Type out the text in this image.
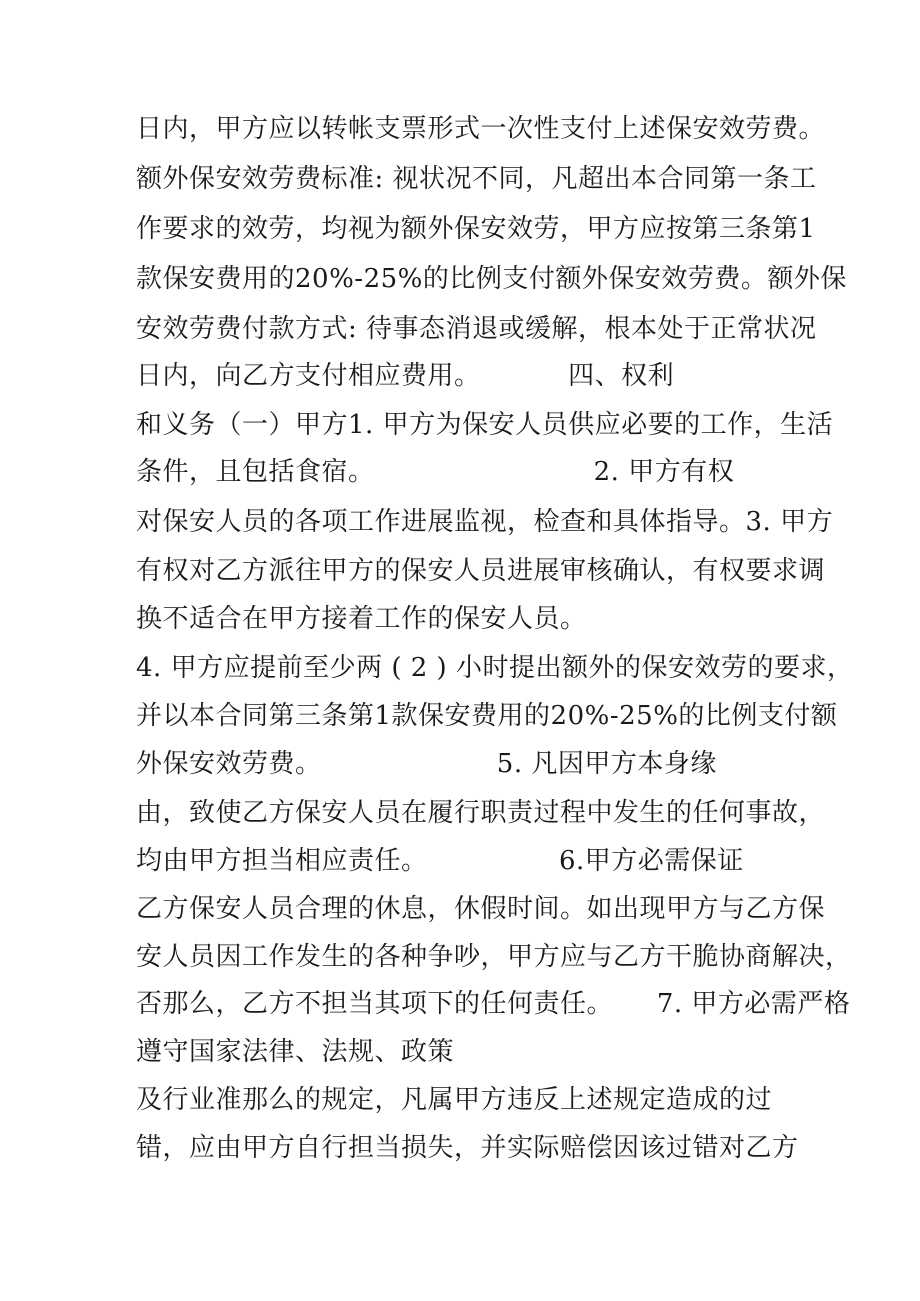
日内，甲方应以转帐支票形式一次性支付上述保安效劳费。
额外保安效劳费标准: 视状况不同，凡超出本合同第一条工
作要求的效劳，均视为额外保安效劳，甲方应按第三条第1
款保安费用的20%-25%的比例支付额外保安效劳费。额外保
安效劳费付款方式: 待事态消退或缓解，根本处于正常状况
日内，向乙方支付相应费用。          四、权利
和义务（一）甲方1. 甲方为保安人员供应必要的工作，生活
条件，且包括食宿。                         2. 甲方有权
对保安人员的各项工作进展监视，检查和具体指导。3. 甲方
有权对乙方派往甲方的保安人员进展审核确认，有权要求调
换不适合在甲方接着工作的保安人员。
4. 甲方应提前至少两 ( 2 ) 小时提出额外的保安效劳的要求，
并以本合同第三条第1款保安费用的20%-25%的比例支付额
外保安效劳费。                    5. 凡因甲方本身缘
由，致使乙方保安人员在履行职责过程中发生的任何事故，
均由甲方担当相应责任。               6.甲方必需保证
乙方保安人员合理的休息，休假时间。如出现甲方与乙方保
安人员因工作发生的各种争吵，甲方应与乙方干脆协商解决，
否那么，乙方不担当其项下的任何责任。     7. 甲方必需严格
遵守国家法律、法规、政策
及行业准那么的规定，凡属甲方违反上述规定造成的过
错，应由甲方自行担当损失，并实际赔偿因该过错对乙方
